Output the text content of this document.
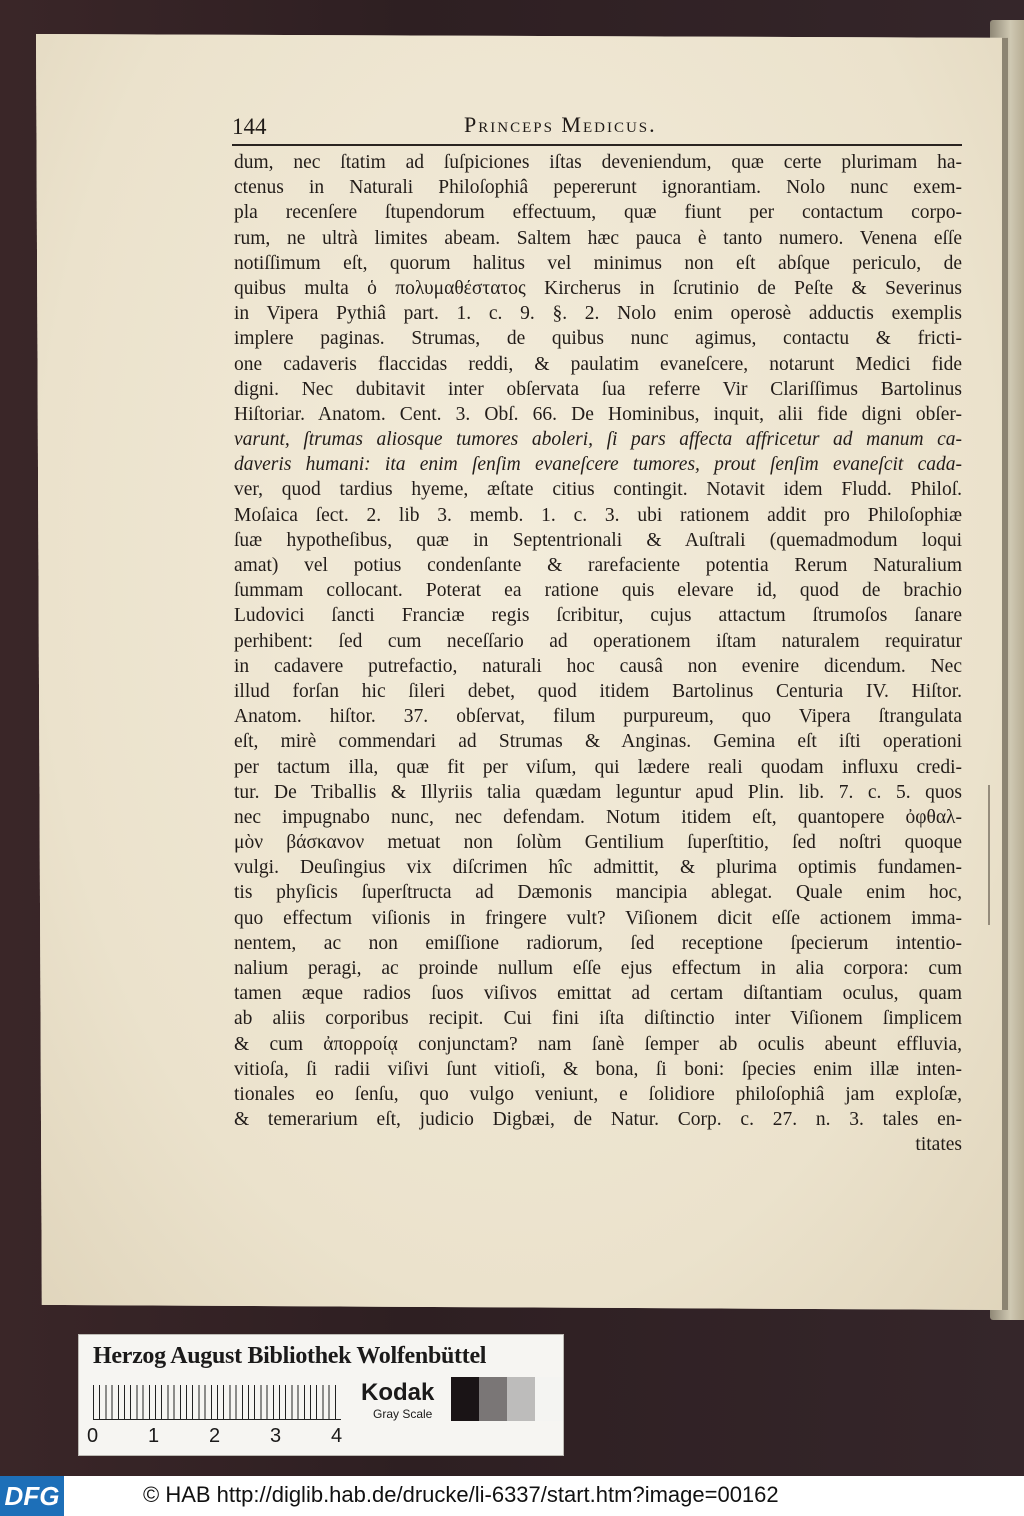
144	Princeps Medicus.
dum, nec ſtatim ad ſuſpiciones iſtas deveniendum, quæ certe plurimam ha-
ctenus in Naturali Philoſophiâ pepererunt ignorantiam. Nolo nunc exem-
pla recenſere ſtupendorum effectuum, quæ fiunt per contactum corpo-
rum, ne ultrà limites abeam. Saltem hæc pauca è tanto numero. Venena eſſe
notiſſimum eſt, quorum halitus vel minimus non eſt abſque periculo, de
quibus multa ὁ πολυμαθέστατος Kircherus in ſcrutinio de Peſte & Severinus
in Vipera Pythiâ part. 1. c. 9. §. 2. Nolo enim operosè adductis exemplis
implere paginas. Strumas, de quibus nunc agimus, contactu & fricti-
one cadaveris flaccidas reddi, & paulatim evaneſcere, notarunt Medici fide
digni. Nec dubitavit inter obſervata ſua referre Vir Clariſſimus Bartolinus
Hiſtoriar. Anatom. Cent. 3. Obſ. 66. De Hominibus, inquit, alii fide digni obſer-
varunt, ſtrumas aliosque tumores aboleri, ſi pars affecta affricetur ad manum ca-
daveris humani: ita enim ſenſim evaneſcere tumores, prout ſenſim evaneſcit cada-
ver, quod tardius hyeme, æſtate citius contingit. Notavit idem Fludd. Philoſ.
Moſaica ſect. 2. lib 3. memb. 1. c. 3. ubi rationem addit pro Philoſophiæ
ſuæ hypotheſibus, quæ in Septentrionali & Auſtrali (quemadmodum loqui
amat) vel potius condenſante & rarefaciente potentia Rerum Naturalium
ſummam collocant. Poterat ea ratione quis elevare id, quod de brachio
Ludovici ſancti Franciæ regis ſcribitur, cujus attactum ſtrumoſos ſanare
perhibent: ſed cum neceſſario ad operationem iſtam naturalem requiratur
in cadavere putrefactio, naturali hoc causâ non evenire dicendum. Nec
illud forſan hic ſileri debet, quod itidem Bartolinus Centuria IV. Hiſtor.
Anatom. hiſtor. 37. obſervat, filum purpureum, quo Vipera ſtrangulata
eſt, mirè commendari ad Strumas & Anginas. Gemina eſt iſti operationi
per tactum illa, quæ fit per viſum, qui lædere reali quodam influxu credi-
tur. De Triballis & Illyriis talia quædam leguntur apud Plin. lib. 7. c. 5. quos
nec impugnabo nunc, nec defendam. Notum itidem eſt, quantopere ὀφθαλ-
μὸν βάσκανον metuat non ſolùm Gentilium ſuperſtitio, ſed noſtri quoque
vulgi. Deuſingius vix diſcrimen hîc admittit, & plurima optimis fundamen-
tis phyſicis ſuperſtructa ad Dæmonis mancipia ablegat. Quale enim hoc,
quo effectum viſionis in fringere vult? Viſionem dicit eſſe actionem imma-
nentem, ac non emiſſione radiorum, ſed receptione ſpecierum intentio-
nalium peragi, ac proinde nullum eſſe ejus effectum in alia corpora: cum
tamen æque radios ſuos viſivos emittat ad certam diſtantiam oculus, quam
ab aliis corporibus recipit. Cui fini iſta diſtinctio inter Viſionem ſimplicem
& cum ἀπορροίᾳ conjunctam? nam ſanè ſemper ab oculis abeunt effluvia,
vitioſa, ſi radii viſivi ſunt vitioſi, & bona, ſi boni: ſpecies enim illæ inten-
tionales eo ſenſu, quo vulgo veniunt, e ſolidiore philoſophiâ jam exploſæ,
& temerarium eſt, judicio Digbæi, de Natur. Corp. c. 27. n. 3. tales en-
titates
Herzog August Bibliothek Wolfenbüttel
0 1 2 3 4
Kodak
Gray Scale
DFG	© HAB http://diglib.hab.de/drucke/li-6337/start.htm?image=00162
